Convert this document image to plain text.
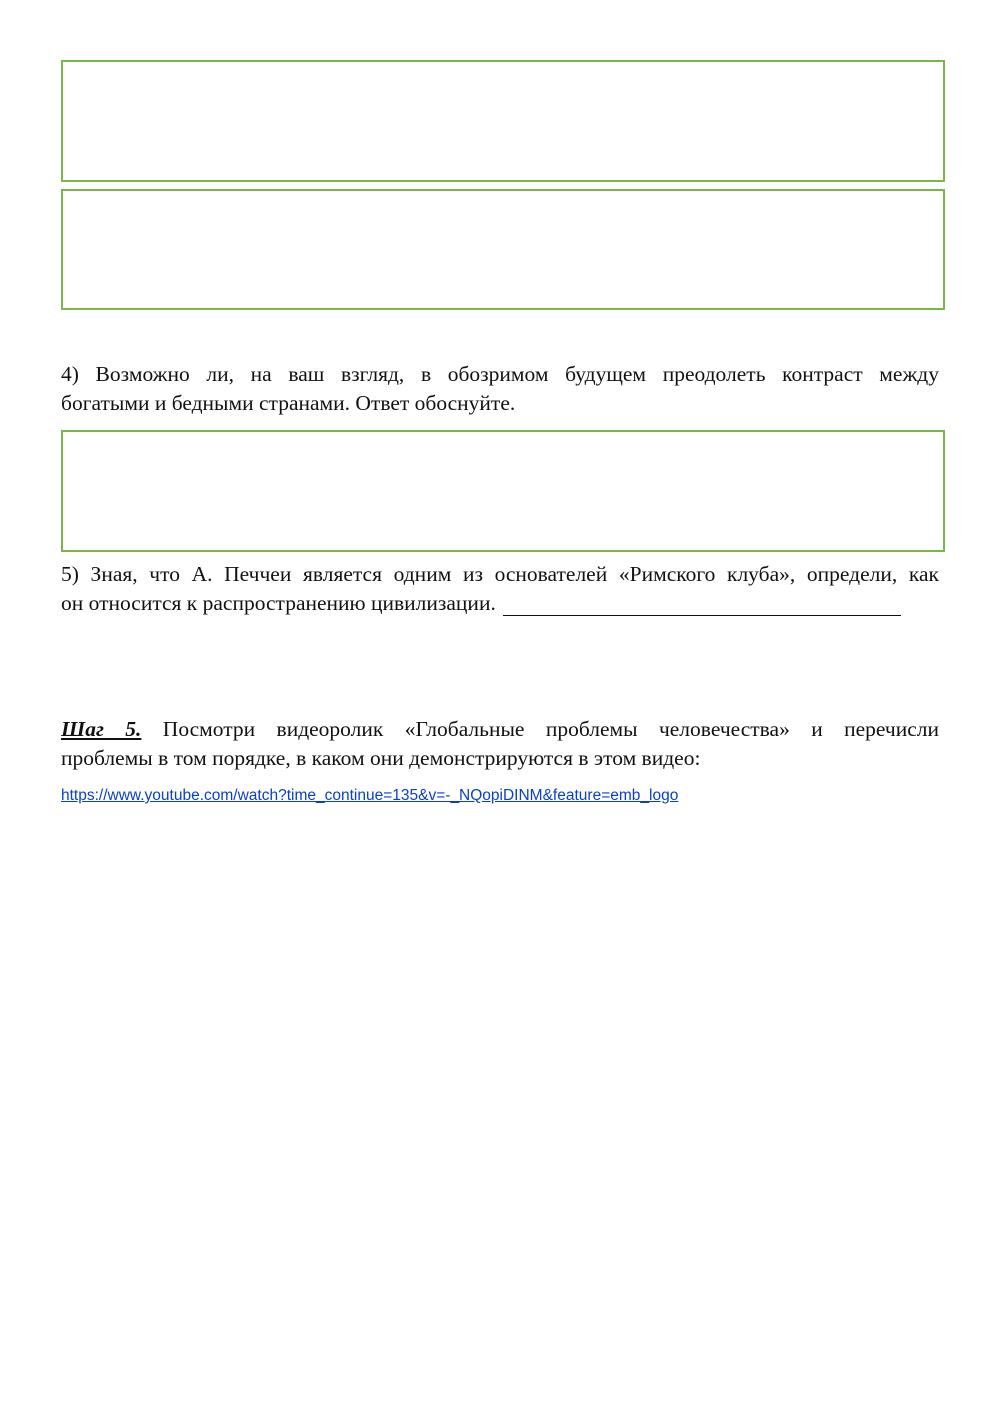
4) Возможно ли, на ваш взгляд, в обозримом будущем преодолеть контраст между
богатыми и бедными странами. Ответ обоснуйте.

5) Зная, что А. Печчеи является одним из основателей «Римского клуба», определи, как
он относится к распространению цивилизации.

Шаг 5. Посмотри видеоролик «Глобальные проблемы человечества» и перечисли
проблемы в том порядке, в каком они демонстрируются в этом видео:

https://www.youtube.com/watch?time_continue=135&v=-_NQopiDINM&feature=emb_logo
